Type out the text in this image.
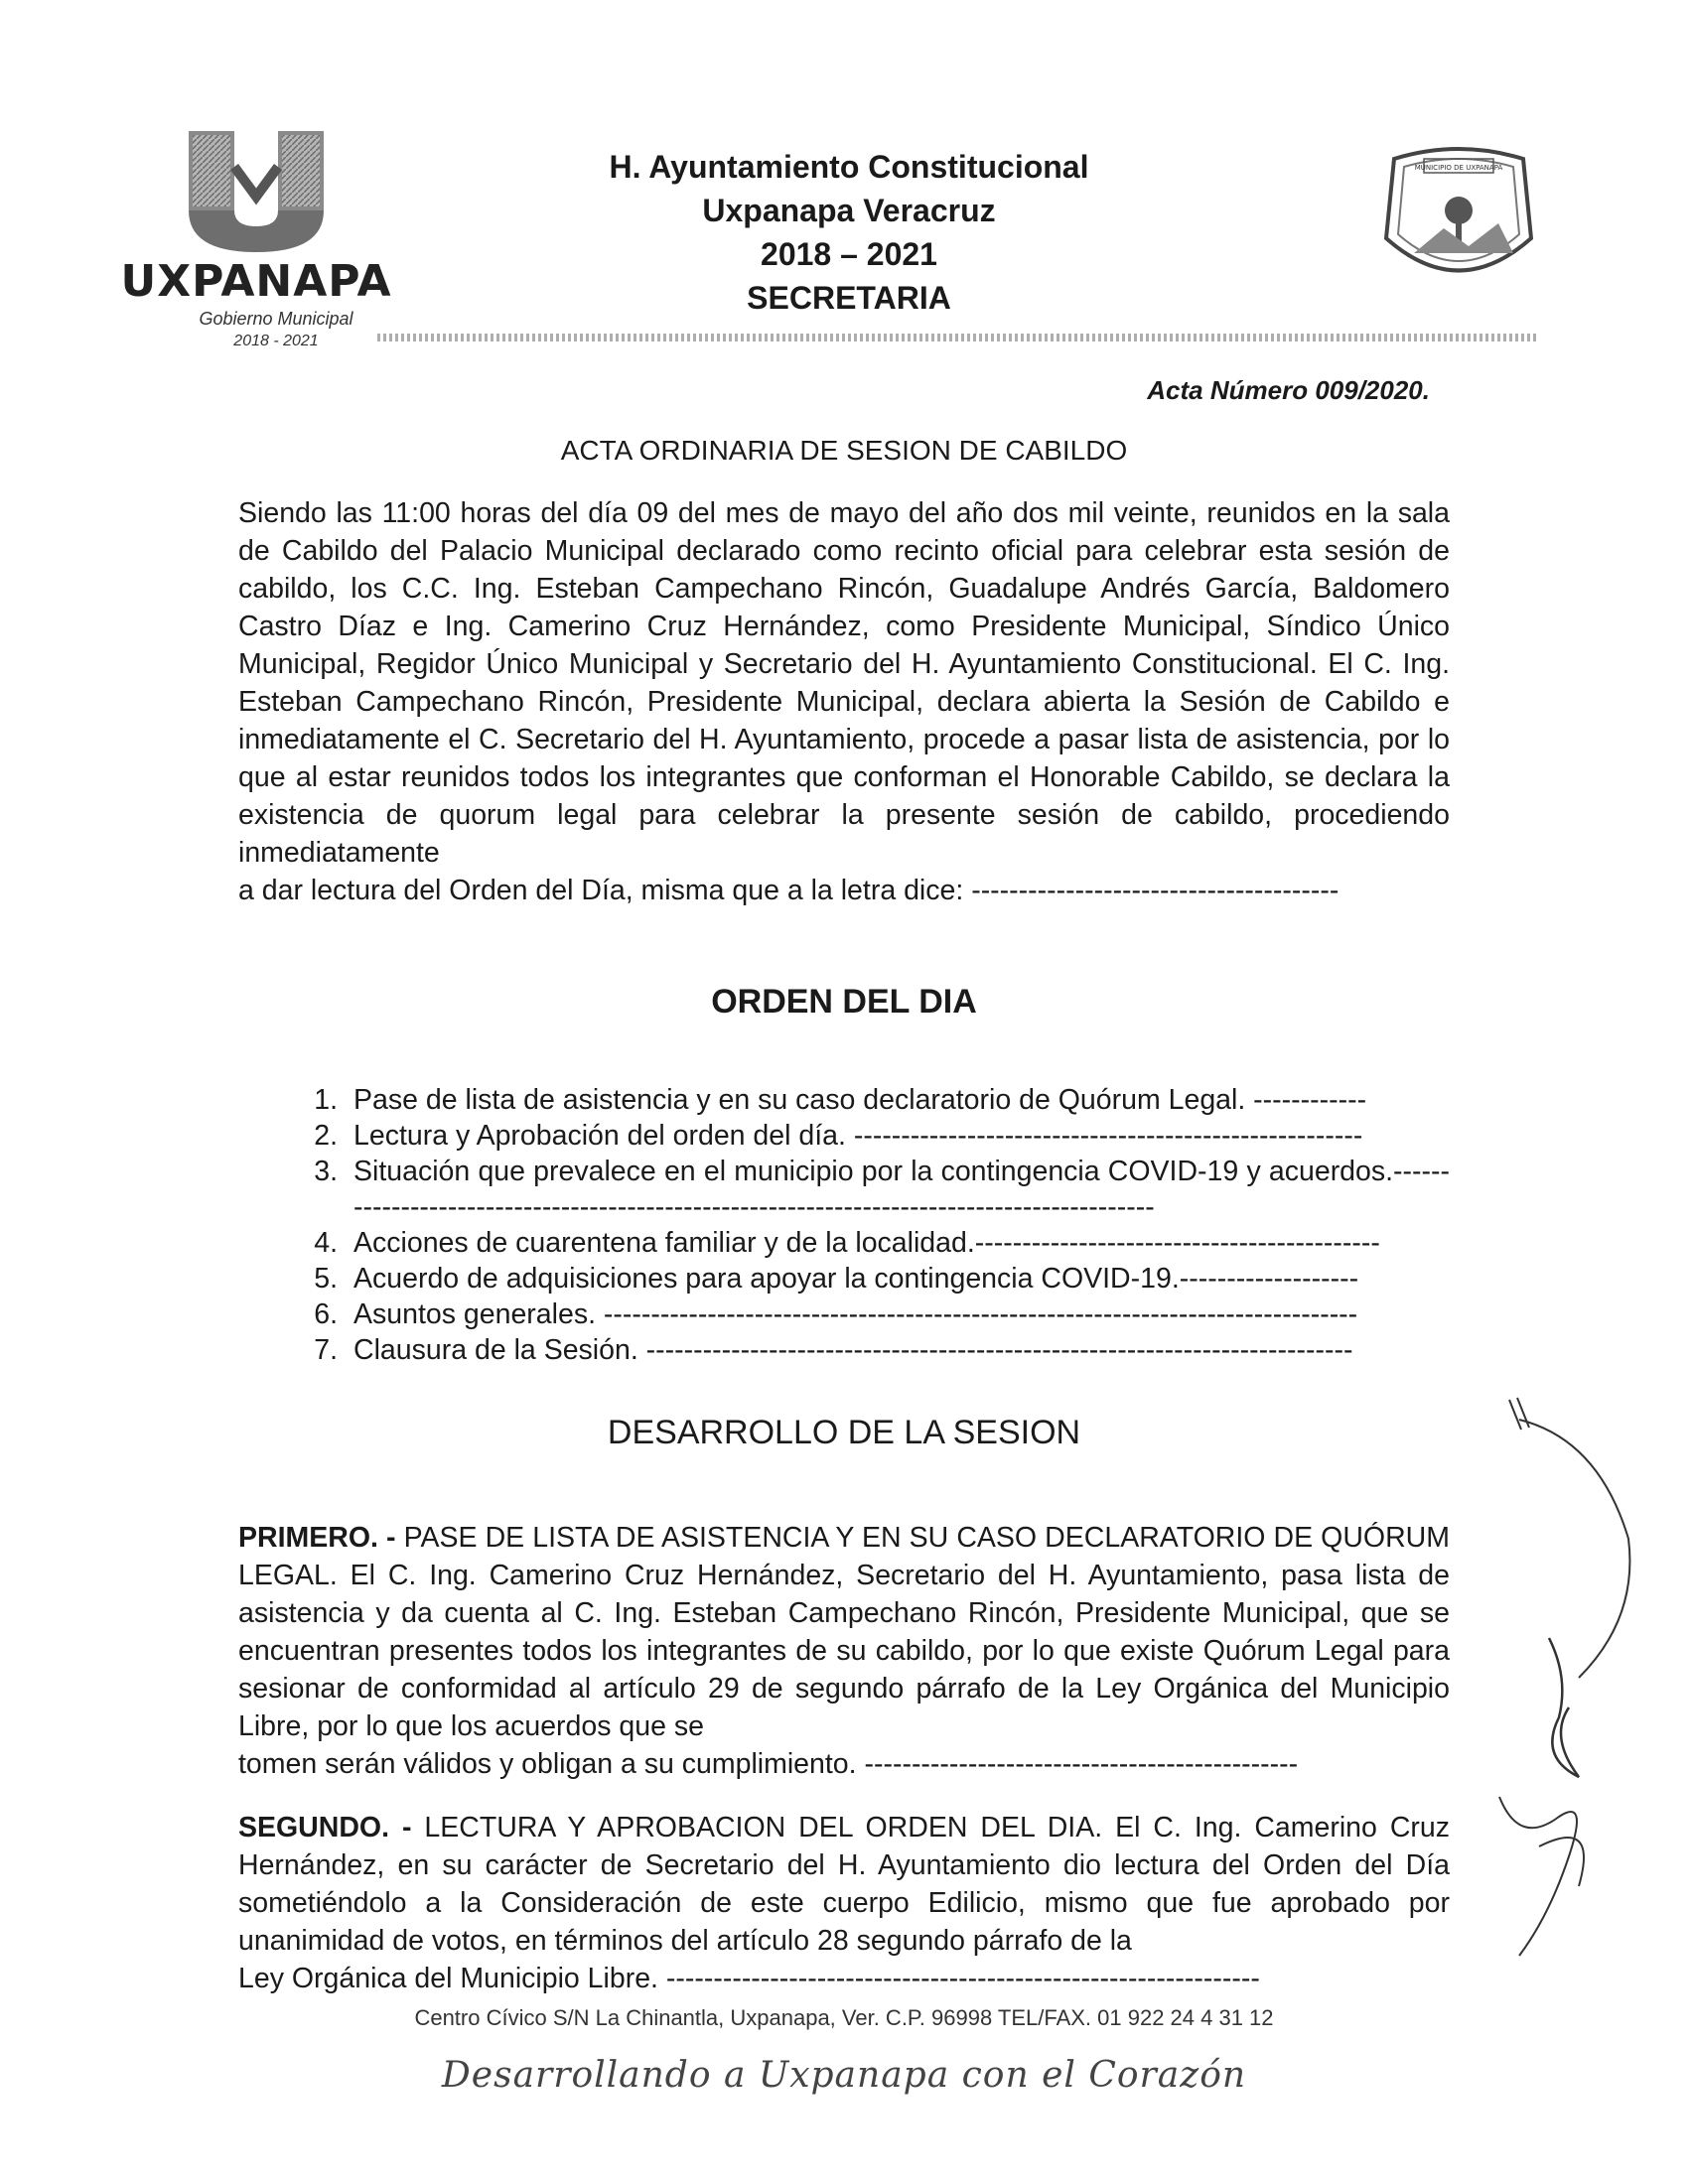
UXPANAPA
Gobierno Municipal
2018 - 2021
H. Ayuntamiento Constitucional
Uxpanapa Veracruz
2018 – 2021
SECRETARIA
MUNICIPIO DE UXPANAPA
Acta Número 009/2020.
ACTA ORDINARIA DE SESION DE CABILDO
Siendo las 11:00 horas del día 09 del mes de mayo del año dos mil veinte, reunidos en la sala de Cabildo del Palacio Municipal declarado como recinto oficial para celebrar esta sesión de cabildo, los C.C. Ing. Esteban Campechano Rincón, Guadalupe Andrés García, Baldomero Castro Díaz e Ing. Camerino Cruz Hernández, como Presidente Municipal, Síndico Único Municipal, Regidor Único Municipal y Secretario del H. Ayuntamiento Constitucional. El C. Ing. Esteban Campechano Rincón, Presidente Municipal, declara abierta la Sesión de Cabildo e inmediatamente el C. Secretario del H. Ayuntamiento, procede a pasar lista de asistencia, por lo que al estar reunidos todos los integrantes que conforman el Honorable Cabildo, se declara la existencia de quorum legal para celebrar la presente sesión de cabildo, procediendo inmediatamente
a dar lectura del Orden del Día, misma que a la letra dice: ---------------------------------------
ORDEN DEL DIA
1. Pase de lista de asistencia y en su caso declaratorio de Quórum Legal. ------------
2. Lectura y Aprobación del orden del día. ------------------------------------------------------
3. Situación que prevalece en el municipio por la contingencia COVID-19 y acuerdos.-------------------------------------------------------------------------------------------
4. Acciones de cuarentena familiar y de la localidad.-------------------------------------------
5. Acuerdo de adquisiciones para apoyar la contingencia COVID-19.-------------------
6. Asuntos generales. --------------------------------------------------------------------------------
7. Clausura de la Sesión. ---------------------------------------------------------------------------
DESARROLLO DE LA SESION
PRIMERO. - PASE DE LISTA DE ASISTENCIA Y EN SU CASO DECLARATORIO DE QUÓRUM LEGAL. El C. Ing. Camerino Cruz Hernández, Secretario del H. Ayuntamiento, pasa lista de asistencia y da cuenta al C. Ing. Esteban Campechano Rincón, Presidente Municipal, que se encuentran presentes todos los integrantes de su cabildo, por lo que existe Quórum Legal para sesionar de conformidad al artículo 29 de segundo párrafo de la Ley Orgánica del Municipio Libre, por lo que los acuerdos que se
tomen serán válidos y obligan a su cumplimiento. ----------------------------------------------
SEGUNDO. - LECTURA Y APROBACION DEL ORDEN DEL DIA. El C. Ing. Camerino Cruz Hernández, en su carácter de Secretario del H. Ayuntamiento dio lectura del Orden del Día sometiéndolo a la Consideración de este cuerpo Edilicio, mismo que fue aprobado por unanimidad de votos, en términos del artículo 28 segundo párrafo de la
Ley Orgánica del Municipio Libre. ---------------------------------------------------------------
Centro Cívico S/N La Chinantla, Uxpanapa, Ver. C.P. 96998 TEL/FAX. 01 922 24 4 31 12
Desarrollando a Uxpanapa con el Corazón
